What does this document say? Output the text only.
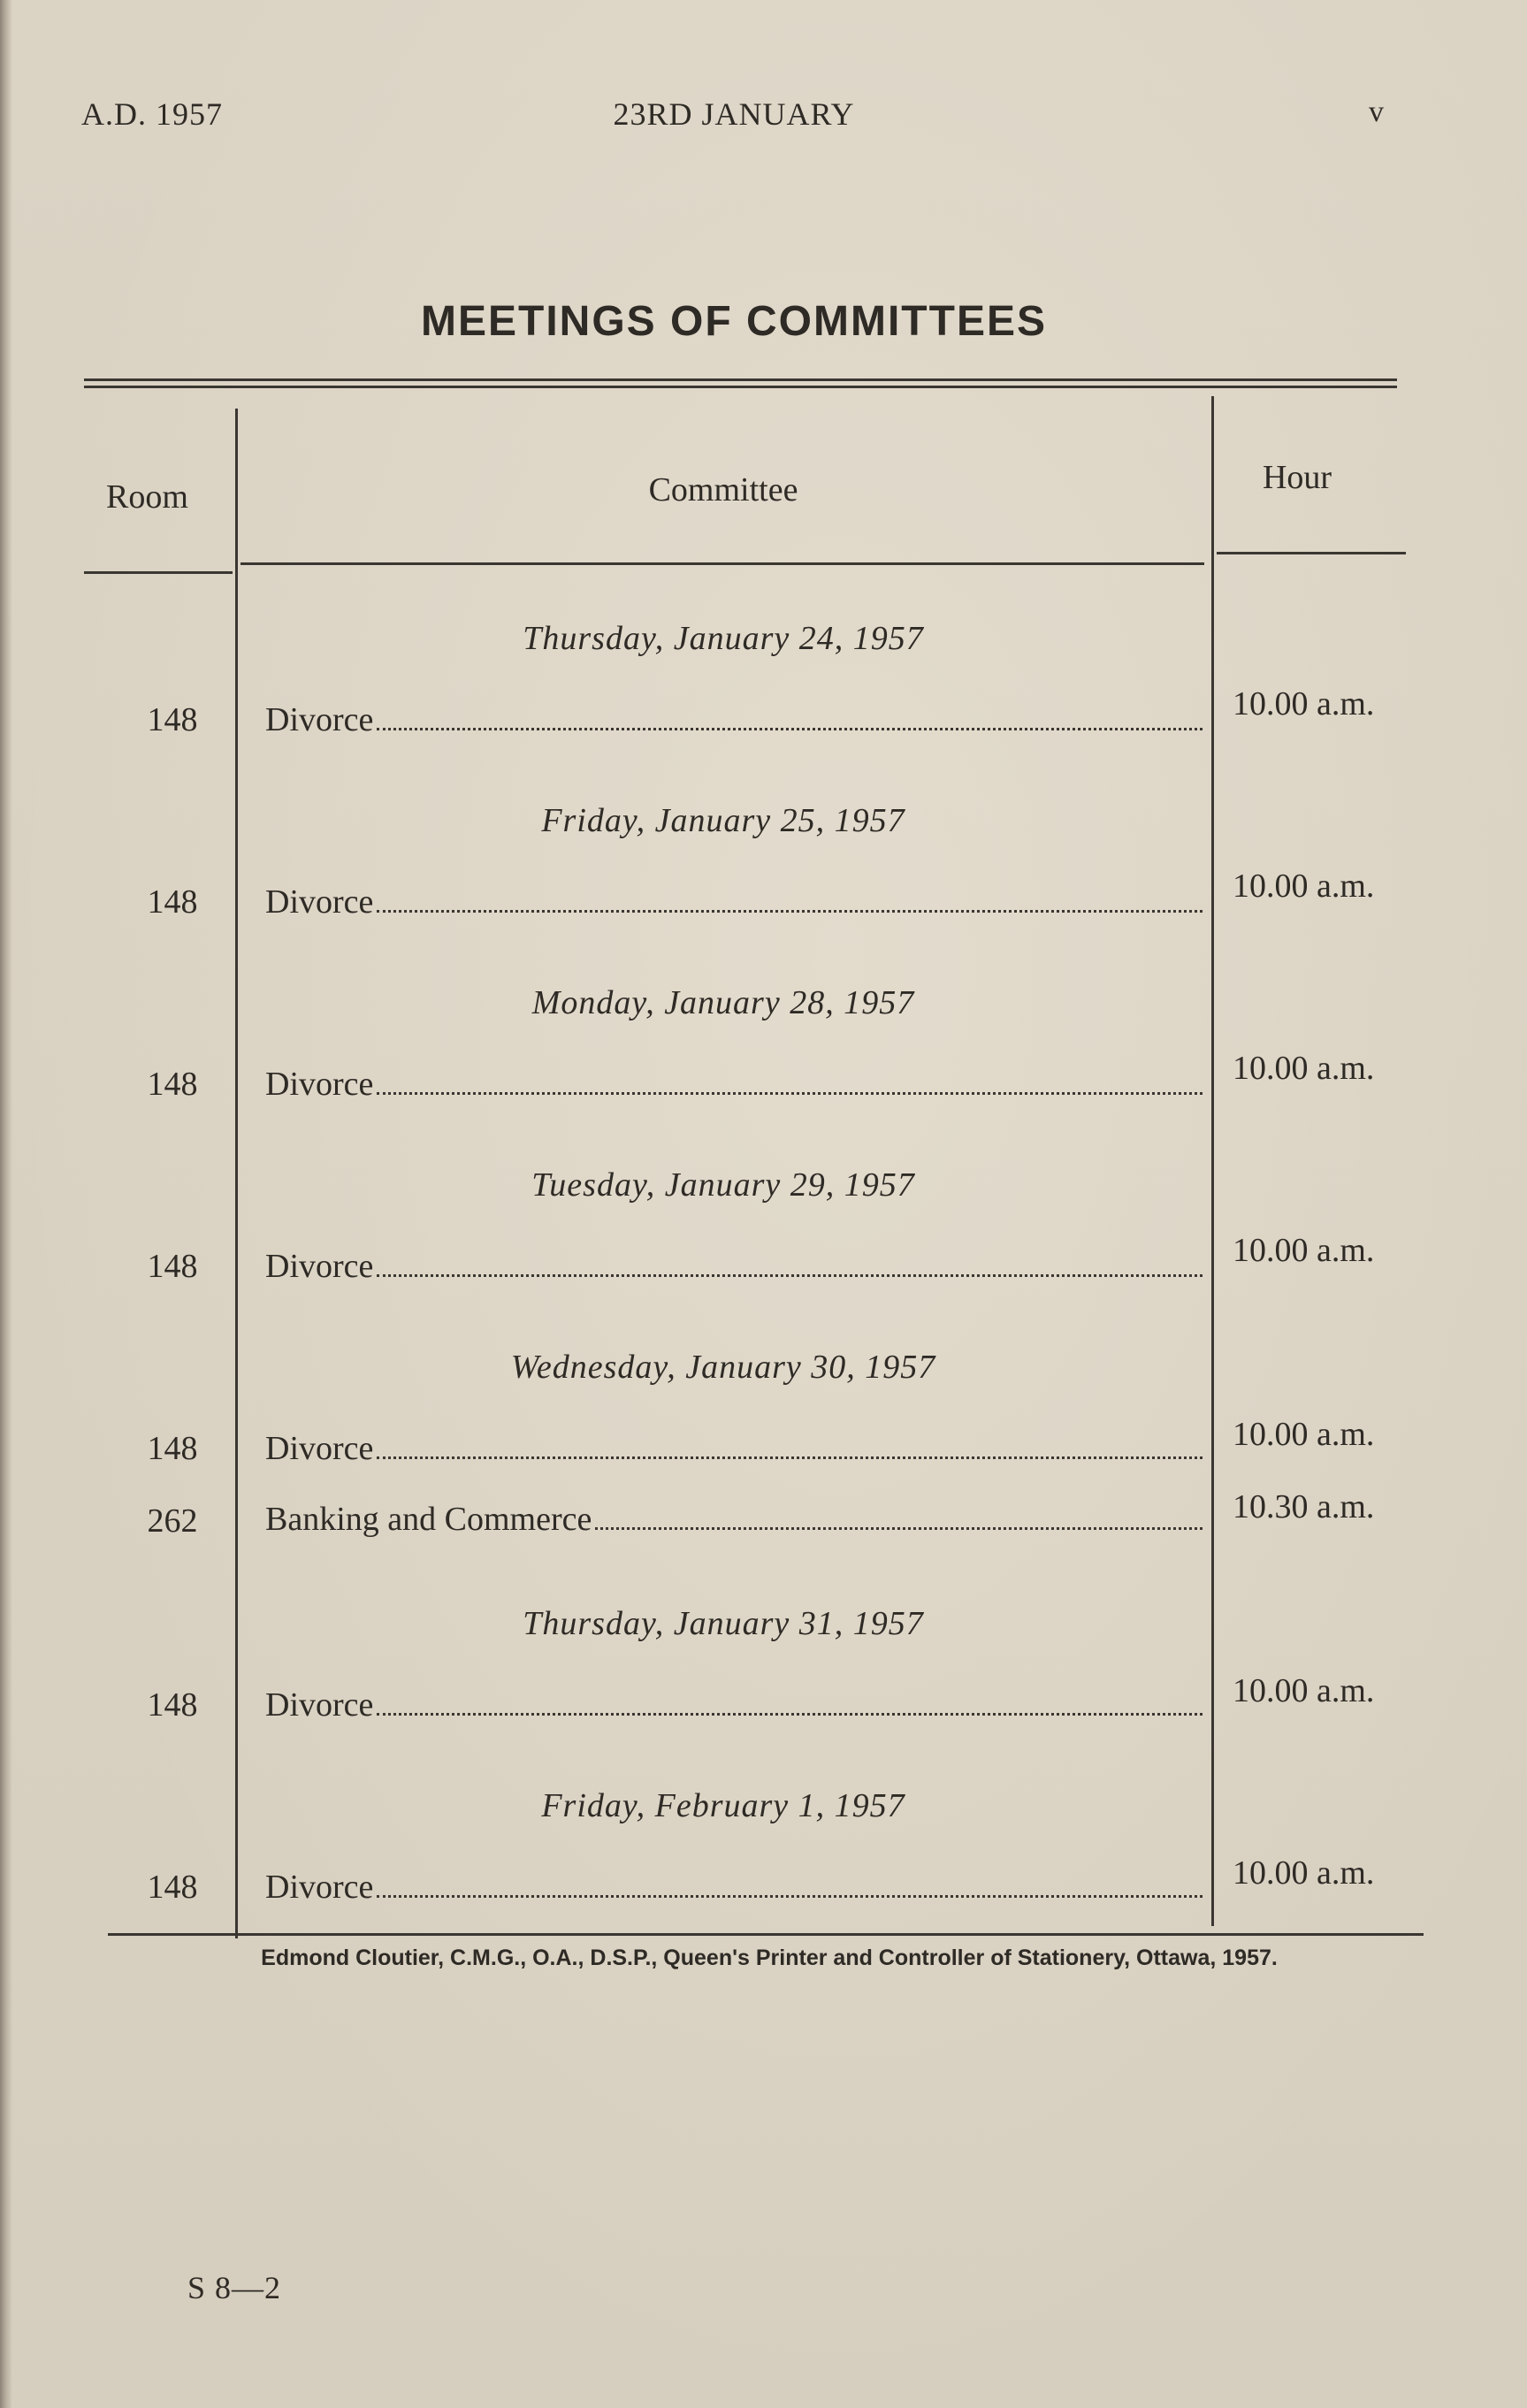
A.D. 1957	23RD JANUARY	v
MEETINGS OF COMMITTEES
Room	Committee	Hour
Thursday, January 24, 1957
148	Divorce	10.00 a.m.
Friday, January 25, 1957
148	Divorce	10.00 a.m.
Monday, January 28, 1957
148	Divorce	10.00 a.m.
Tuesday, January 29, 1957
148	Divorce	10.00 a.m.
Wednesday, January 30, 1957
148	Divorce	10.00 a.m.
262	Banking and Commerce	10.30 a.m.
Thursday, January 31, 1957
148	Divorce	10.00 a.m.
Friday, February 1, 1957
148	Divorce	10.00 a.m.
Edmond Cloutier, C.M.G., O.A., D.S.P., Queen's Printer and Controller of Stationery, Ottawa, 1957.
S 8—2
